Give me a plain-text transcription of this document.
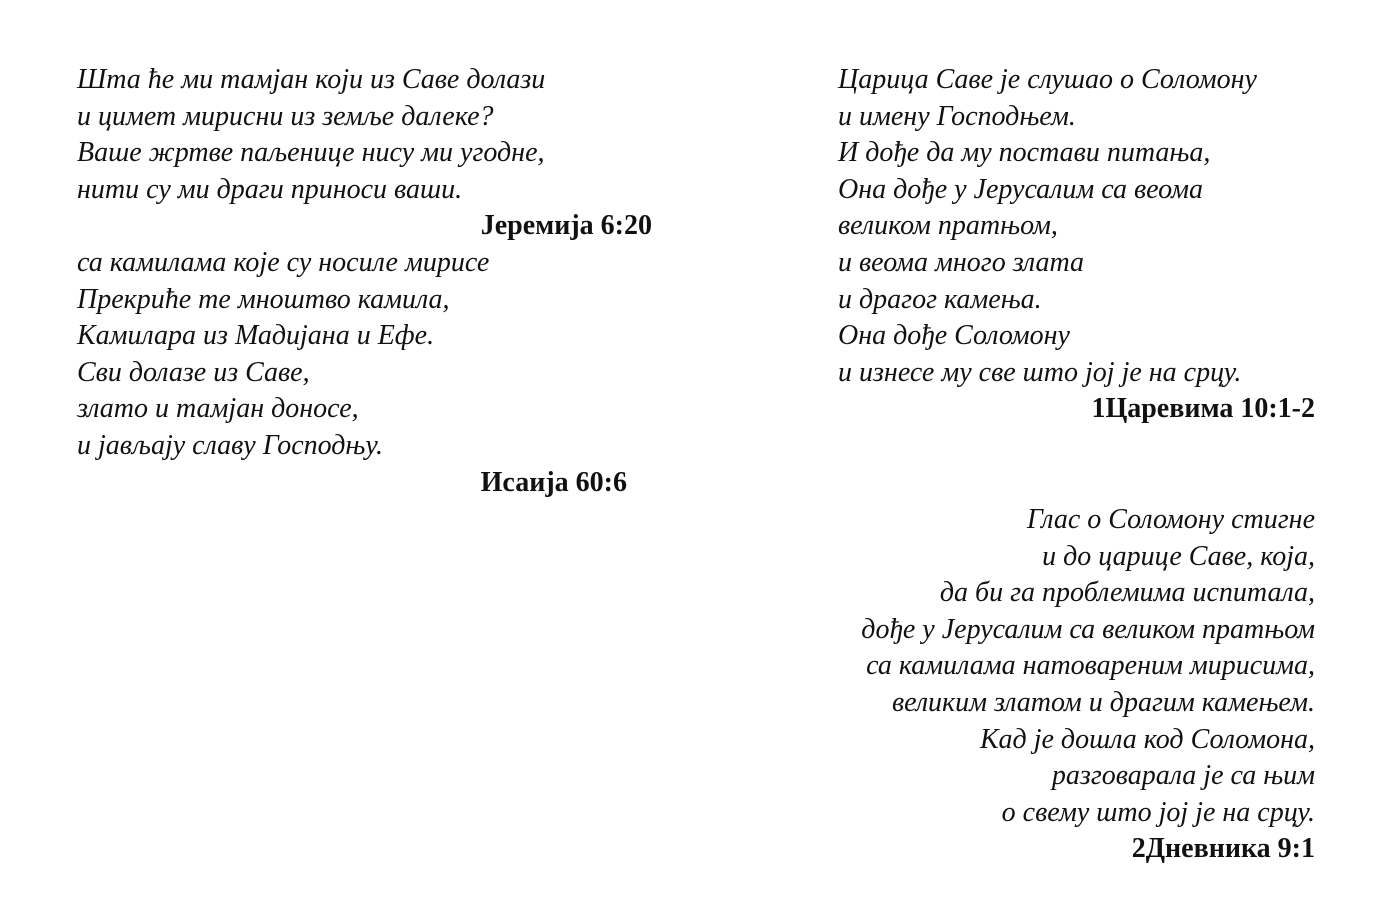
Шта ће ми тамјан који из Саве долази
и цимет мирисни из земље далеке?
Ваше жртве паљенице нису ми угодне,
нити су ми драги приноси ваши.
Јеремија 6:20
са камилама које су носиле мирисе
Прекриће те мноштво камила,
Камилара из Мадијана и Ефе.
Сви долазе из Саве,
злато и тамјан доносе,
и јављају славу Господњу.
Исаија 60:6
Царица Саве је слушао о Соломону
и имену Господњем.
И дође да му постави питања,
Она дође у Јерусалим са веома
великом пратњом,
и веома много злата
и драгог камења.
Она дође Соломону
и изнесе му све што јој је на срцу.
1Царевима 10:1-2
Глас о Соломону стигне
и до царице Саве, која,
да би га проблемима испитала,
дође у Јерусалим са великом пратњом
са камилама натовареним мирисима,
великим златом и драгим камењем.
Кад је дошла код Соломона,
разговарала је са њим
о свему што јој је на срцу.
2Дневника 9:1
